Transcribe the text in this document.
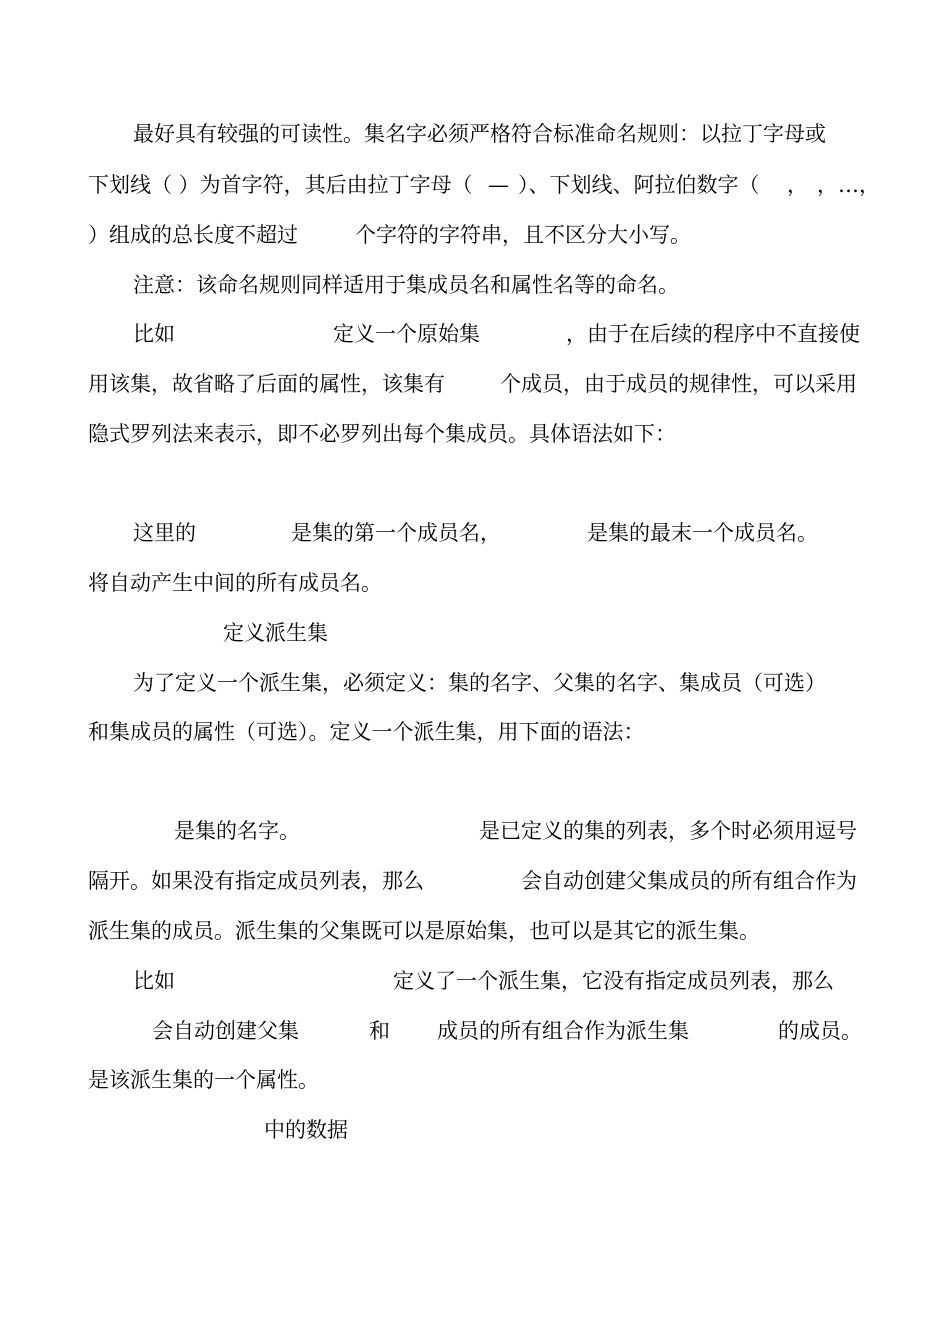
最好具有较强的可读性。集名字必须严格符合标准命名规则：以拉丁字母或
下划线（ ）为首字符，其后由拉丁字母（ — ）、下划线、阿拉伯数字（ ， ，…，
）组成的总长度不超过	个字符的字符串，且不区分大小写。
注意：该命名规则同样适用于集成员名和属性名等的命名。
比如	定义一个原始集	，由于在后续的程序中不直接使
用该集，故省略了后面的属性，该集有	个成员，由于成员的规律性，可以采用
隐式罗列法来表示，即不必罗列出每个集成员。具体语法如下：
这里的	是集的第一个成员名，	是集的最末一个成员名。
将自动产生中间的所有成员名。
定义派生集
为了定义一个派生集，必须定义：集的名字、父集的名字、集成员（可选）
和集成员的属性（可选）。定义一个派生集，用下面的语法：
是集的名字。	是已定义的集的列表，多个时必须用逗号
隔开。如果没有指定成员列表，那么	会自动创建父集成员的所有组合作为
派生集的成员。派生集的父集既可以是原始集，也可以是其它的派生集。
比如	定义了一个派生集，它没有指定成员列表，那么
会自动创建父集	和 成员的所有组合作为派生集	的成员。
是该派生集的一个属性。
中的数据
